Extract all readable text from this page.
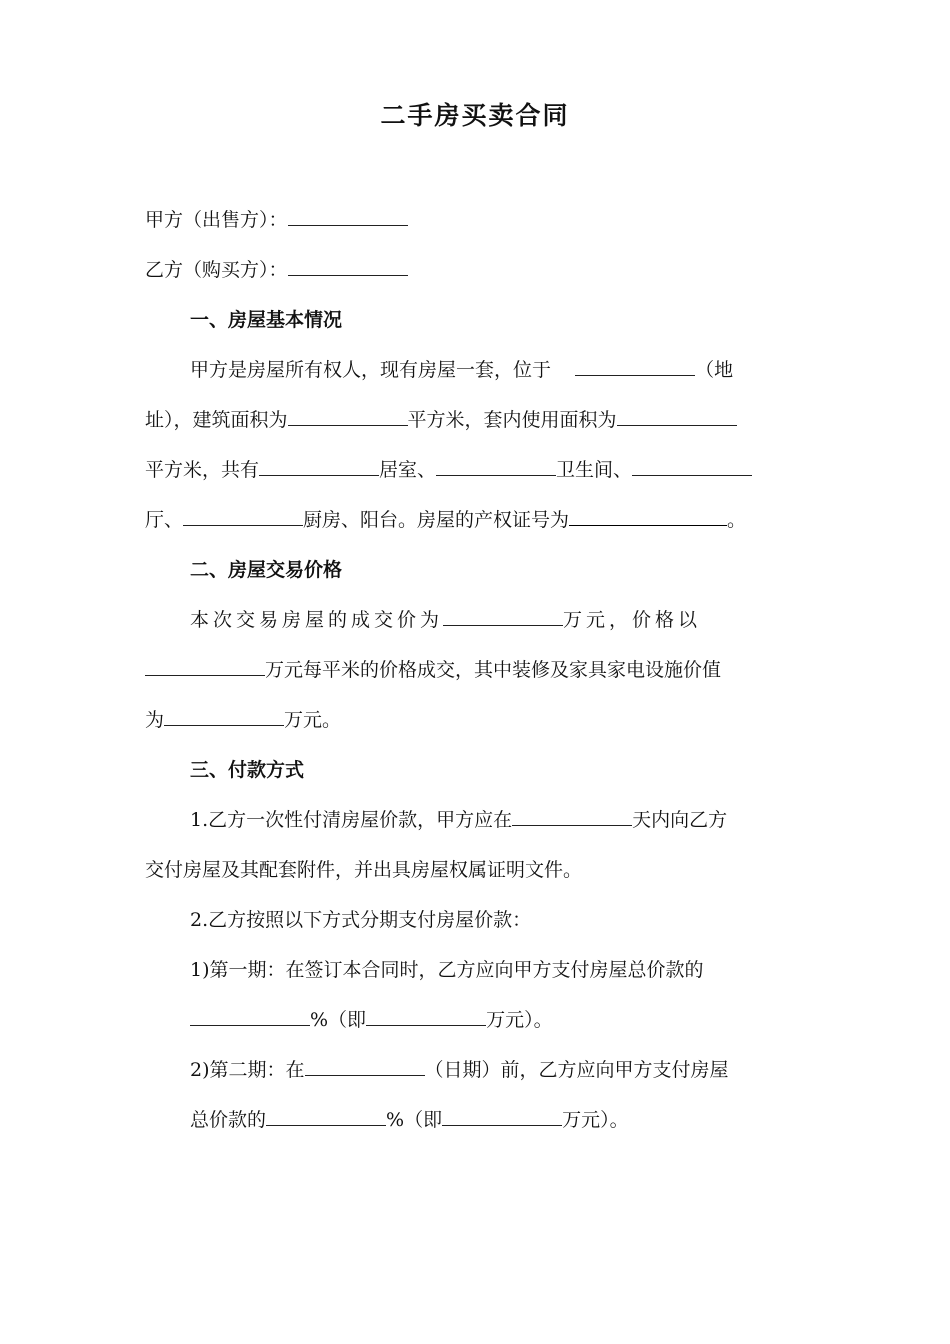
二手房买卖合同
甲方（出售方）：
乙方（购买方）：
一、房屋基本情况
甲方是房屋所有权人，现有房屋一套，位于	（地
址），建筑面积为	平方米，套内使用面积为
平方米，共有	居室、	卫生间、
厅、	厨房、阳台。房屋的产权证号为	。
二、房屋交易价格
本次交易房屋的成交价为	万元，价格以
万元每平米的价格成交，其中装修及家具家电设施价值
为	万元。
三、付款方式
1.乙方一次性付清房屋价款，甲方应在	天内向乙方
交付房屋及其配套附件，并出具房屋权属证明文件。
2.乙方按照以下方式分期支付房屋价款：
1)第一期：在签订本合同时，乙方应向甲方支付房屋总价款的
%（即	万元）。
2)第二期：在	（日期）前，乙方应向甲方支付房屋
总价款的	%（即	万元）。
